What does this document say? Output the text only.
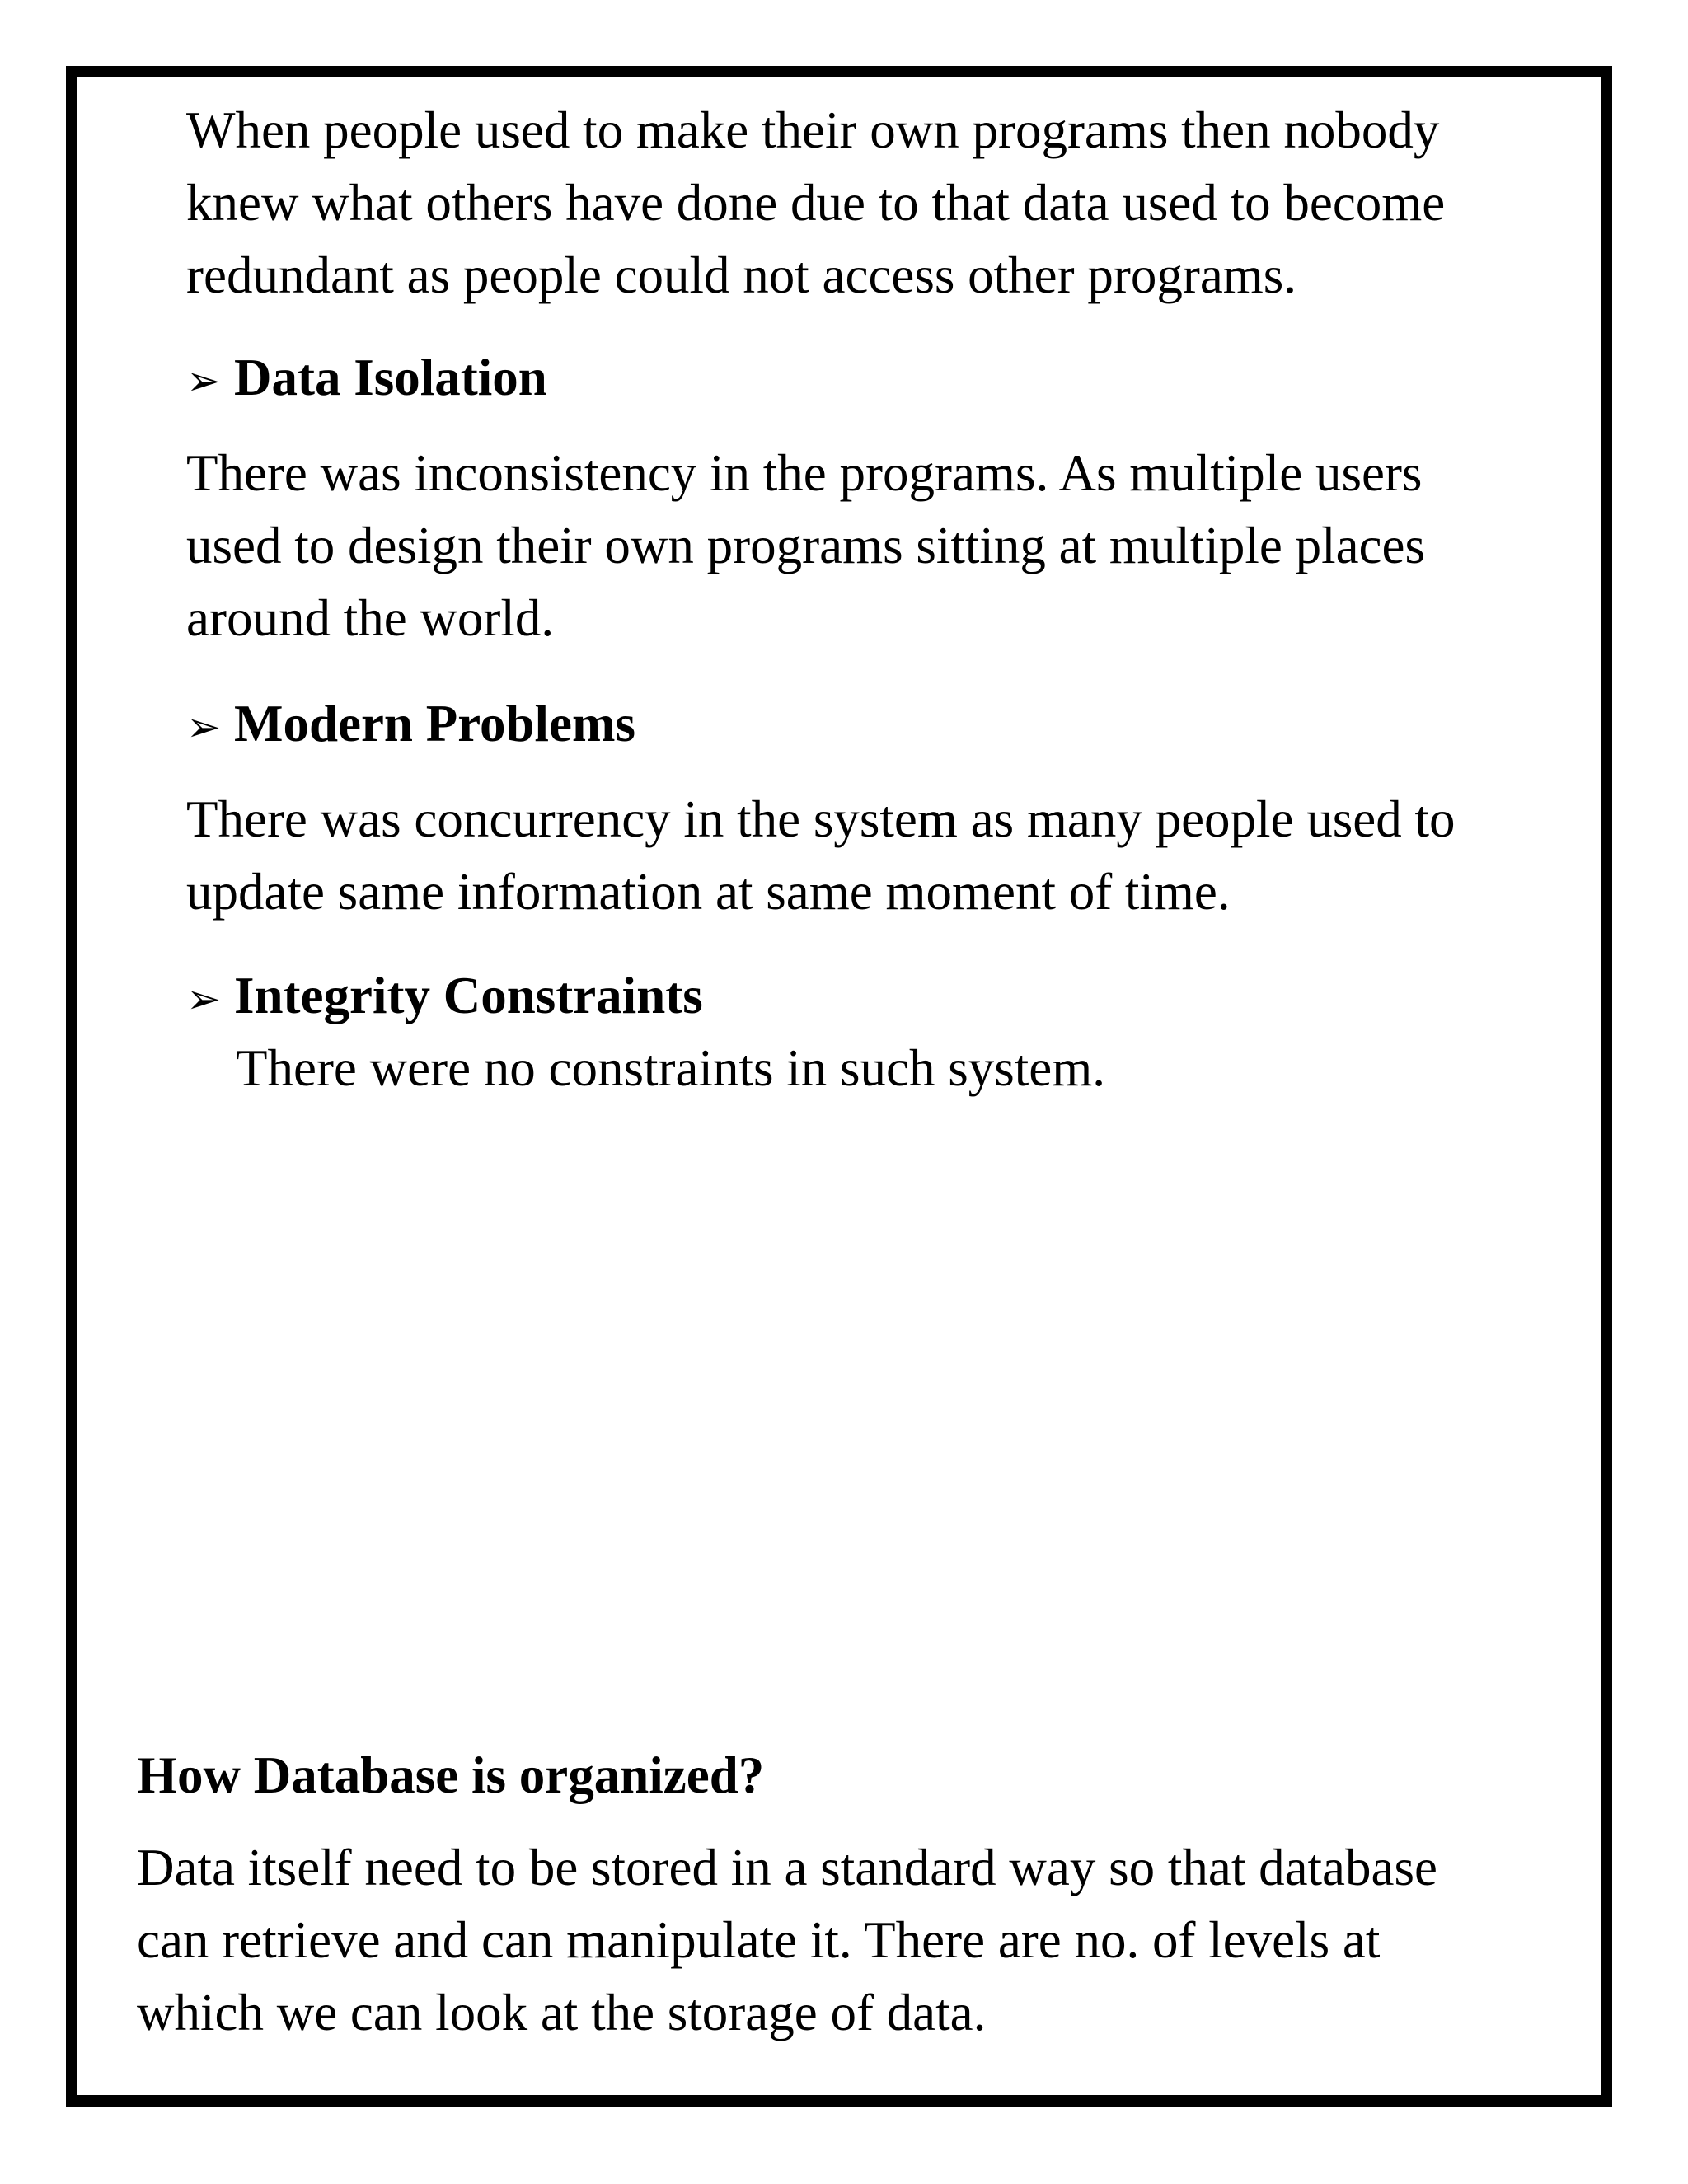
When people used to make their own programs then nobody
knew what others have done due to that data used to become
redundant as people could not access other programs.

➢ Data Isolation

There was inconsistency in the programs. As multiple users
used to design their own programs sitting at multiple places
around the world.

➢ Modern Problems

There was concurrency in the system as many people used to
update same information at same moment of time.

➢ Integrity Constraints

There were no constraints in such system.

How Database is organized?

Data itself need to be stored in a standard way so that database
can retrieve and can manipulate it. There are no. of levels at
which we can look at the storage of data.
